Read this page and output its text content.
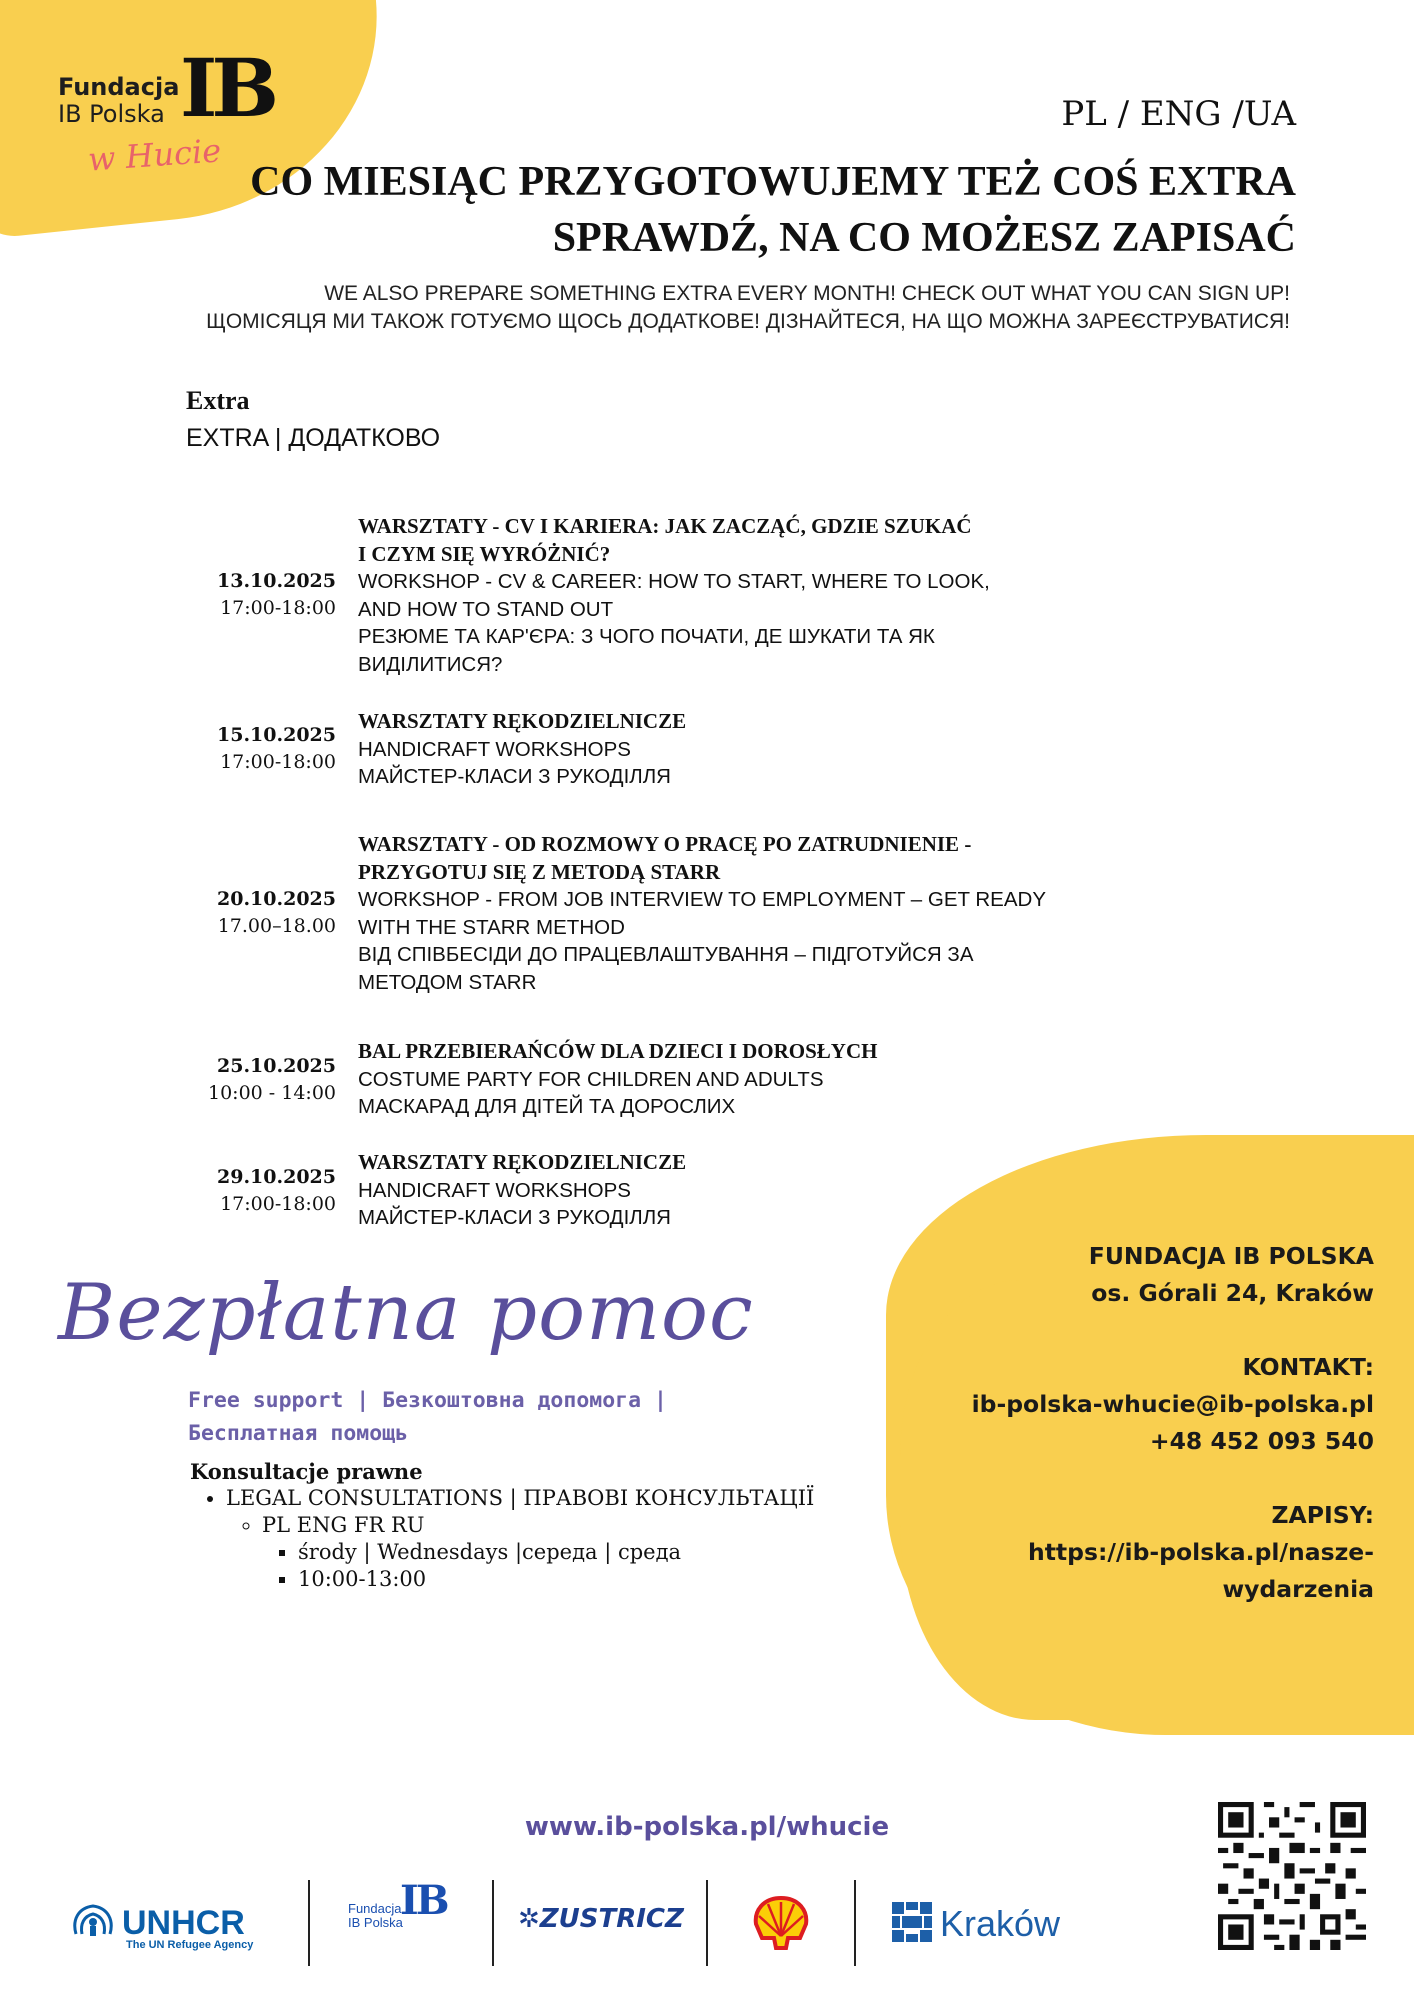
Fundacja
IB Polska IB
w Hucie
PL / ENG /UA
CO MIESIĄC PRZYGOTOWUJEMY TEŻ COŚ EXTRA
SPRAWDŹ, NA CO MOŻESZ ZAPISAĆ
WE ALSO PREPARE SOMETHING EXTRA EVERY MONTH! CHECK OUT WHAT YOU CAN SIGN UP!
ЩОМІСЯЦЯ МИ ТАКОЖ ГОТУЄМО ЩОСЬ ДОДАТКОВЕ! ДІЗНАЙТЕСЯ, НА ЩО МОЖНА ЗАРЕЄСТРУВАТИСЯ!
Extra
EXTRA | ДОДАТКОВО
13.10.2025
17:00-18:00
WARSZTATY - CV I KARIERA: JAK ZACZĄĆ, GDZIE SZUKAĆ
I CZYM SIĘ WYRÓŻNIĆ?
WORKSHOP - CV & CAREER: HOW TO START, WHERE TO LOOK,
AND HOW TO STAND OUT
РЕЗЮМЕ ТА КАР'ЄРА: З ЧОГО ПОЧАТИ, ДЕ ШУКАТИ ТА ЯК
ВИДІЛИТИСЯ?
15.10.2025
17:00-18:00
WARSZTATY RĘKODZIELNICZE
HANDICRAFT WORKSHOPS
МАЙСТЕР-КЛАСИ З РУКОДІЛЛЯ
20.10.2025
17.00–18.00
WARSZTATY - OD ROZMOWY O PRACĘ PO ZATRUDNIENIE -
PRZYGOTUJ SIĘ Z METODĄ STARR
WORKSHOP - FROM JOB INTERVIEW TO EMPLOYMENT – GET READY
WITH THE STARR METHOD
ВІД СПІВБЕСІДИ ДО ПРАЦЕВЛАШТУВАННЯ – ПІДГОТУЙСЯ ЗА
МЕТОДОМ STARR
25.10.2025
10:00 - 14:00
BAL PRZEBIERAŃCÓW DLA DZIECI I DOROSŁYCH
COSTUME PARTY FOR CHILDREN AND ADULTS
МАСКАРАД ДЛЯ ДІТЕЙ ТА ДОРОСЛИХ
29.10.2025
17:00-18:00
WARSZTATY RĘKODZIELNICZE
HANDICRAFT WORKSHOPS
МАЙСТЕР-КЛАСИ З РУКОДІЛЛЯ
FUNDACJA IB POLSKA
os. Górali 24, Kraków
KONTAKT:
ib-polska-whucie@ib-polska.pl
+48 452 093 540
ZAPISY:
https://ib-polska.pl/nasze-
wydarzenia
Bezpłatna pomoc
Free support | Безкоштовна допомога |
Бесплатная помощь
Konsultacje prawne
• LEGAL CONSULTATIONS | ПРАВОВІ КОНСУЛЬТАЦІЇ
◦ PL ENG FR RU
▪ środy | Wednesdays |середа | среда
▪ 10:00-13:00
www.ib-polska.pl/whucie
UNHCR
The UN Refugee Agency
Fundacja
IB Polska
IB	✲ZUSTRICZ	Kraków
